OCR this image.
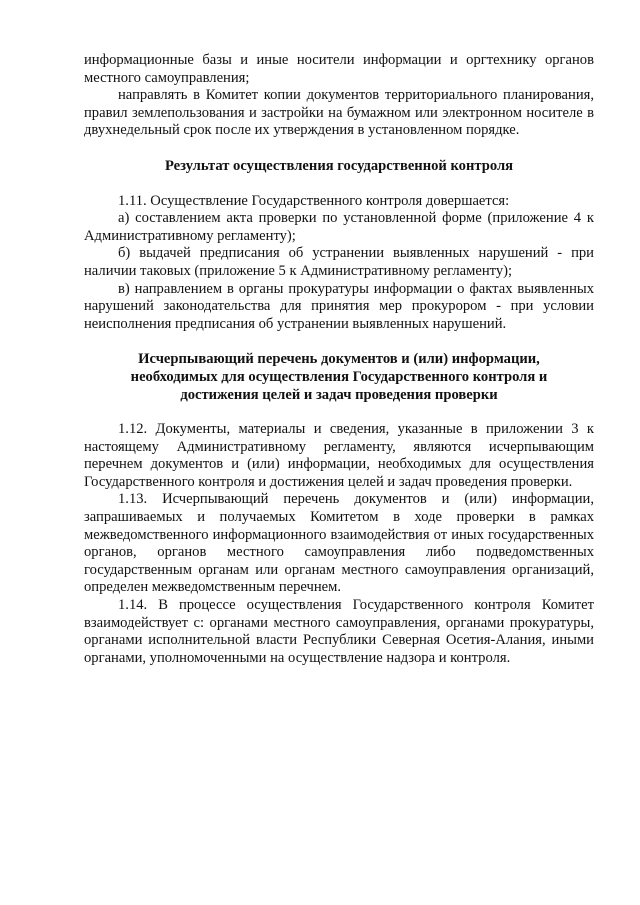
информационные базы и иные носители информации и оргтехнику органов местного самоуправления;

направлять в Комитет копии документов территориального планирования, правил землепользования и застройки на бумажном или электронном носителе в двухнедельный срок после их утверждения в установленном порядке.

Результат осуществления государственной контроля

1.11. Осуществление Государственного контроля довершается:

а) составлением акта проверки по установленной форме (приложение 4 к Административному регламенту);

б) выдачей предписания об устранении выявленных нарушений - при наличии таковых (приложение 5 к Административному регламенту);

в) направлением в органы прокуратуры информации о фактах выявленных нарушений законодательства для принятия мер прокурором - при условии неисполнения предписания об устранении выявленных нарушений.

Исчерпывающий перечень документов и (или) информации,
необходимых для осуществления Государственного контроля и
достижения целей и задач проведения проверки

1.12. Документы, материалы и сведения, указанные в приложении 3 к настоящему Административному регламенту, являются исчерпывающим перечнем документов и (или) информации, необходимых для осуществления Государственного контроля и достижения целей и задач проведения проверки.

1.13. Исчерпывающий перечень документов и (или) информации, запрашиваемых и получаемых Комитетом в ходе проверки в рамках межведомственного информационного взаимодействия от иных государственных органов, органов местного самоуправления либо подведомственных государственным органам или органам местного самоуправления организаций, определен межведомственным перечнем.

1.14. В процессе осуществления Государственного контроля Комитет взаимодействует с: органами местного самоуправления, органами прокуратуры, органами исполнительной власти Республики Северная Осетия-Алания, иными органами, уполномоченными на осуществление надзора и контроля.
